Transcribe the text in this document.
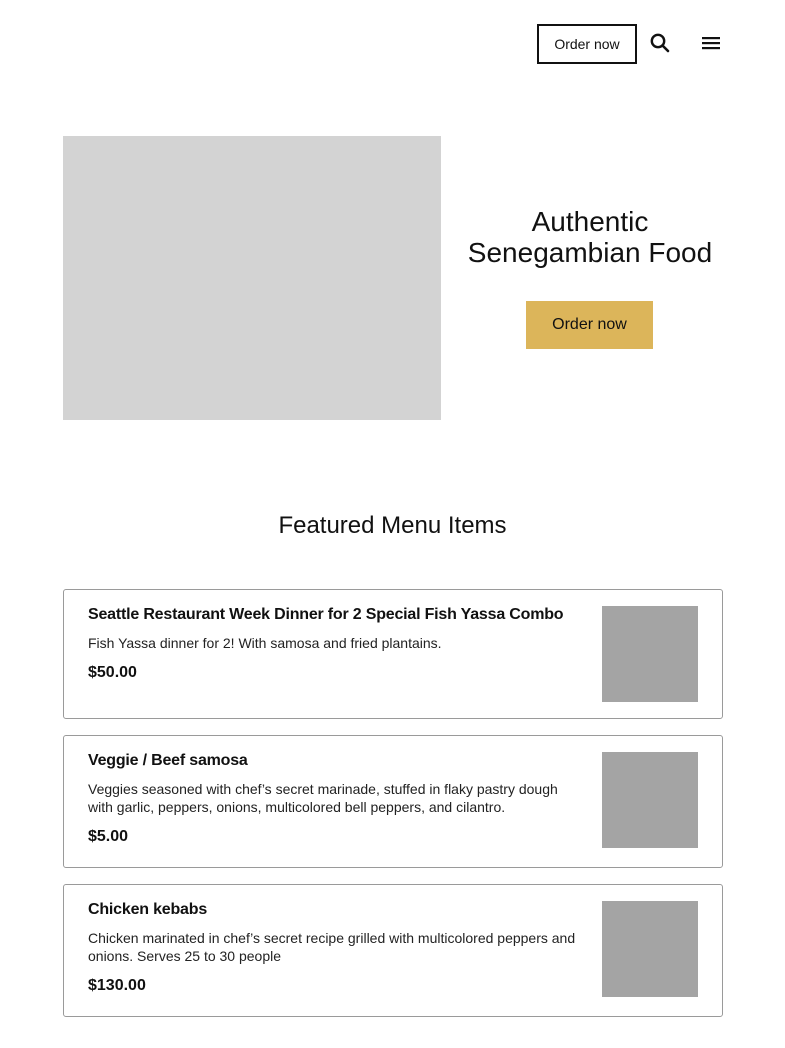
Order now
Authentic Senegambian Food
Order now
Featured Menu Items
Seattle Restaurant Week Dinner for 2 Special Fish Yassa Combo
Fish Yassa dinner for 2! With samosa and fried plantains.
$50.00
Veggie / Beef samosa
Veggies seasoned with chef’s secret marinade, stuffed in flaky pastry dough with garlic, peppers, onions, multicolored bell peppers, and cilantro.
$5.00
Chicken kebabs
Chicken marinated in chef’s secret recipe grilled with multicolored peppers and onions. Serves 25 to 30 people
$130.00
